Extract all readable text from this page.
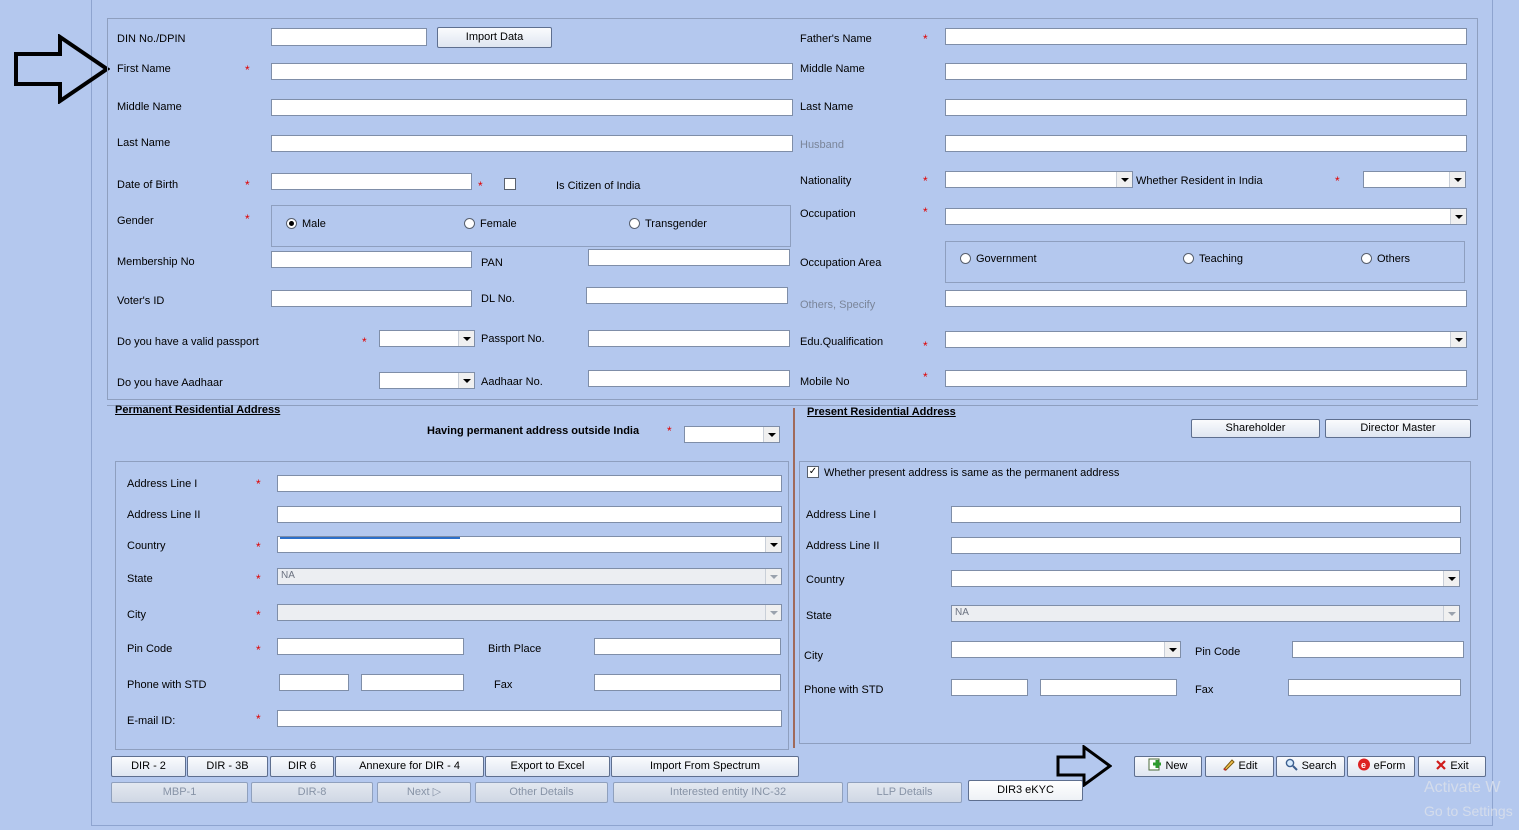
DIN No./DPIN	Import Data
First Name	*
Middle Name
Last Name
Date of Birth	*	*	Is Citizen of India
Gender	*	Male	Female	Transgender
Membership No	PAN
Voter's ID	DL No.
Do you have a valid passport	*	Passport No.
Do you have Aadhaar	Aadhaar No.
Father's Name	*
Middle Name
Last Name
Husband
Nationality	*	Whether Resident in India	*
Occupation	*
Occupation Area	Government	Teaching	Others
Others, Specify
Edu.Qualification	*
Mobile No	*
Permanent Residential Address
Having permanent address outside India *
Address Line I	*
Address Line II
Country	*
State	* NA
City	*
Pin Code	*	Birth Place
Phone with STD	Fax
E-mail ID:	*
Present Residential Address
Shareholder	Director Master
✓ Whether present address is same as the permanent address
Address Line I
Address Line II
Country
State	NA
City	Pin Code
Phone with STD	Fax
DIR - 2	DIR - 3B	DIR 6	Annexure for DIR - 4	Export to Excel	Import From Spectrum
MBP-1	DIR-8	Next ▷	Other Details	Interested entity INC-32	LLP Details	DIR3 eKYC
New	Edit	Search	e eForm	Exit
Activate W
Go to Settings
